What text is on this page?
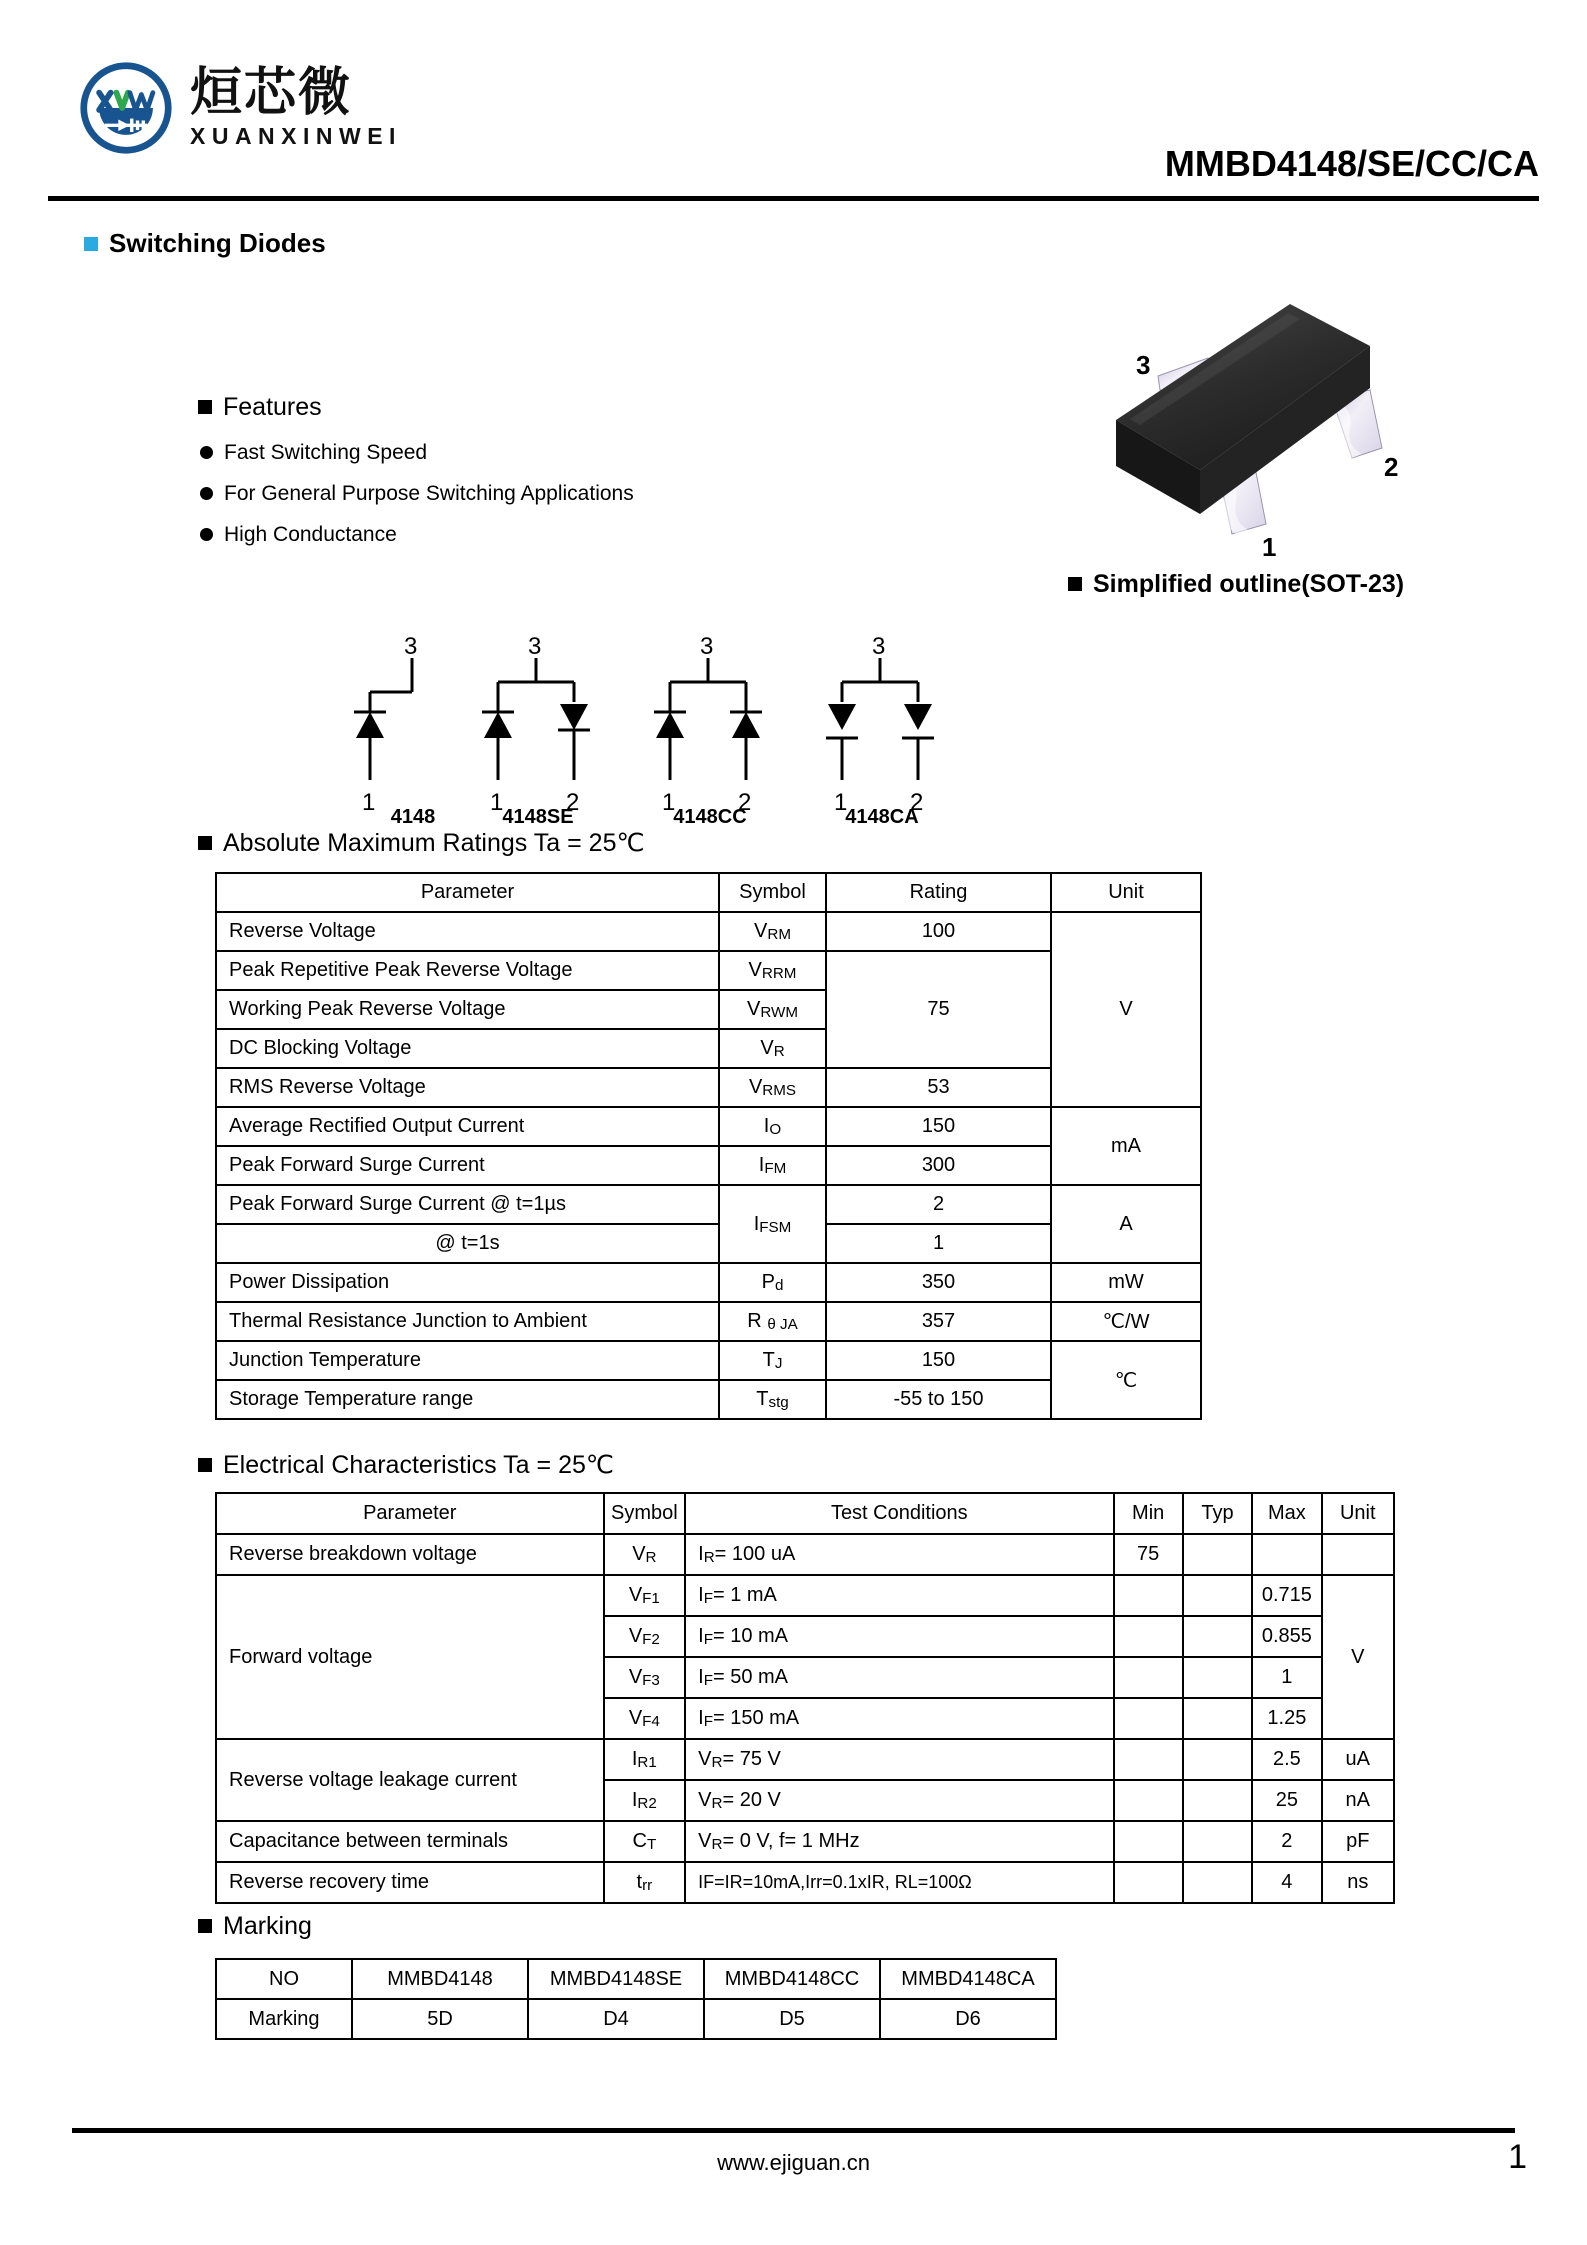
烜芯微
XUANXINWEI
MMBD4148/SE/CC/CA
Switching Diodes
Features
Fast Switching Speed
For General Purpose Switching Applications
High Conductance
3
2
1
Simplified outline(SOT-23)
1
3
1	2
3
1	2
3
1	2
3
4148	4148SE	4148CC	4148CA
Absolute Maximum Ratings Ta = 25℃
Parameter	Symbol	Rating	Unit
Reverse Voltage	VRM	100	V
Peak Repetitive Peak Reverse Voltage	VRRM	75	
Working Peak Reverse Voltage	VRWM		
DC Blocking Voltage	VR		
RMS Reverse Voltage	VRMS	53	
Average Rectified Output Current	IO	150	mA
Peak Forward Surge Current	IFM	300	
Peak Forward Surge Current @ t=1µs	IFSM	2	A
@ t=1s		1	
Power Dissipation	Pd	350	mW
Thermal Resistance Junction to Ambient	R θ JA	357	℃/W
Junction Temperature	TJ	150	℃
Storage Temperature range	Tstg	-55 to 150	
Electrical Characteristics Ta = 25℃
Parameter	Symbol	Test Conditions	Min	Typ	Max	Unit
Reverse breakdown voltage	VR	IR= 100 uA	75			
Forward voltage	VF1	IF= 1 mA			0.715	V
	VF2	IF= 10 mA			0.855	
	VF3	IF= 50 mA			1	
	VF4	IF= 150 mA			1.25	
Reverse voltage leakage current	IR1	VR= 75 V			2.5	uA
	IR2	VR= 20 V			25	nA
Capacitance between terminals	CT	VR= 0 V, f= 1 MHz			2	pF
Reverse recovery time	trr	IF=IR=10mA,Irr=0.1xIR, RL=100Ω			4	ns
Marking
NO	MMBD4148	MMBD4148SE	MMBD4148CC	MMBD4148CA
Marking	5D	D4	D5	D6
www.ejiguan.cn	1
